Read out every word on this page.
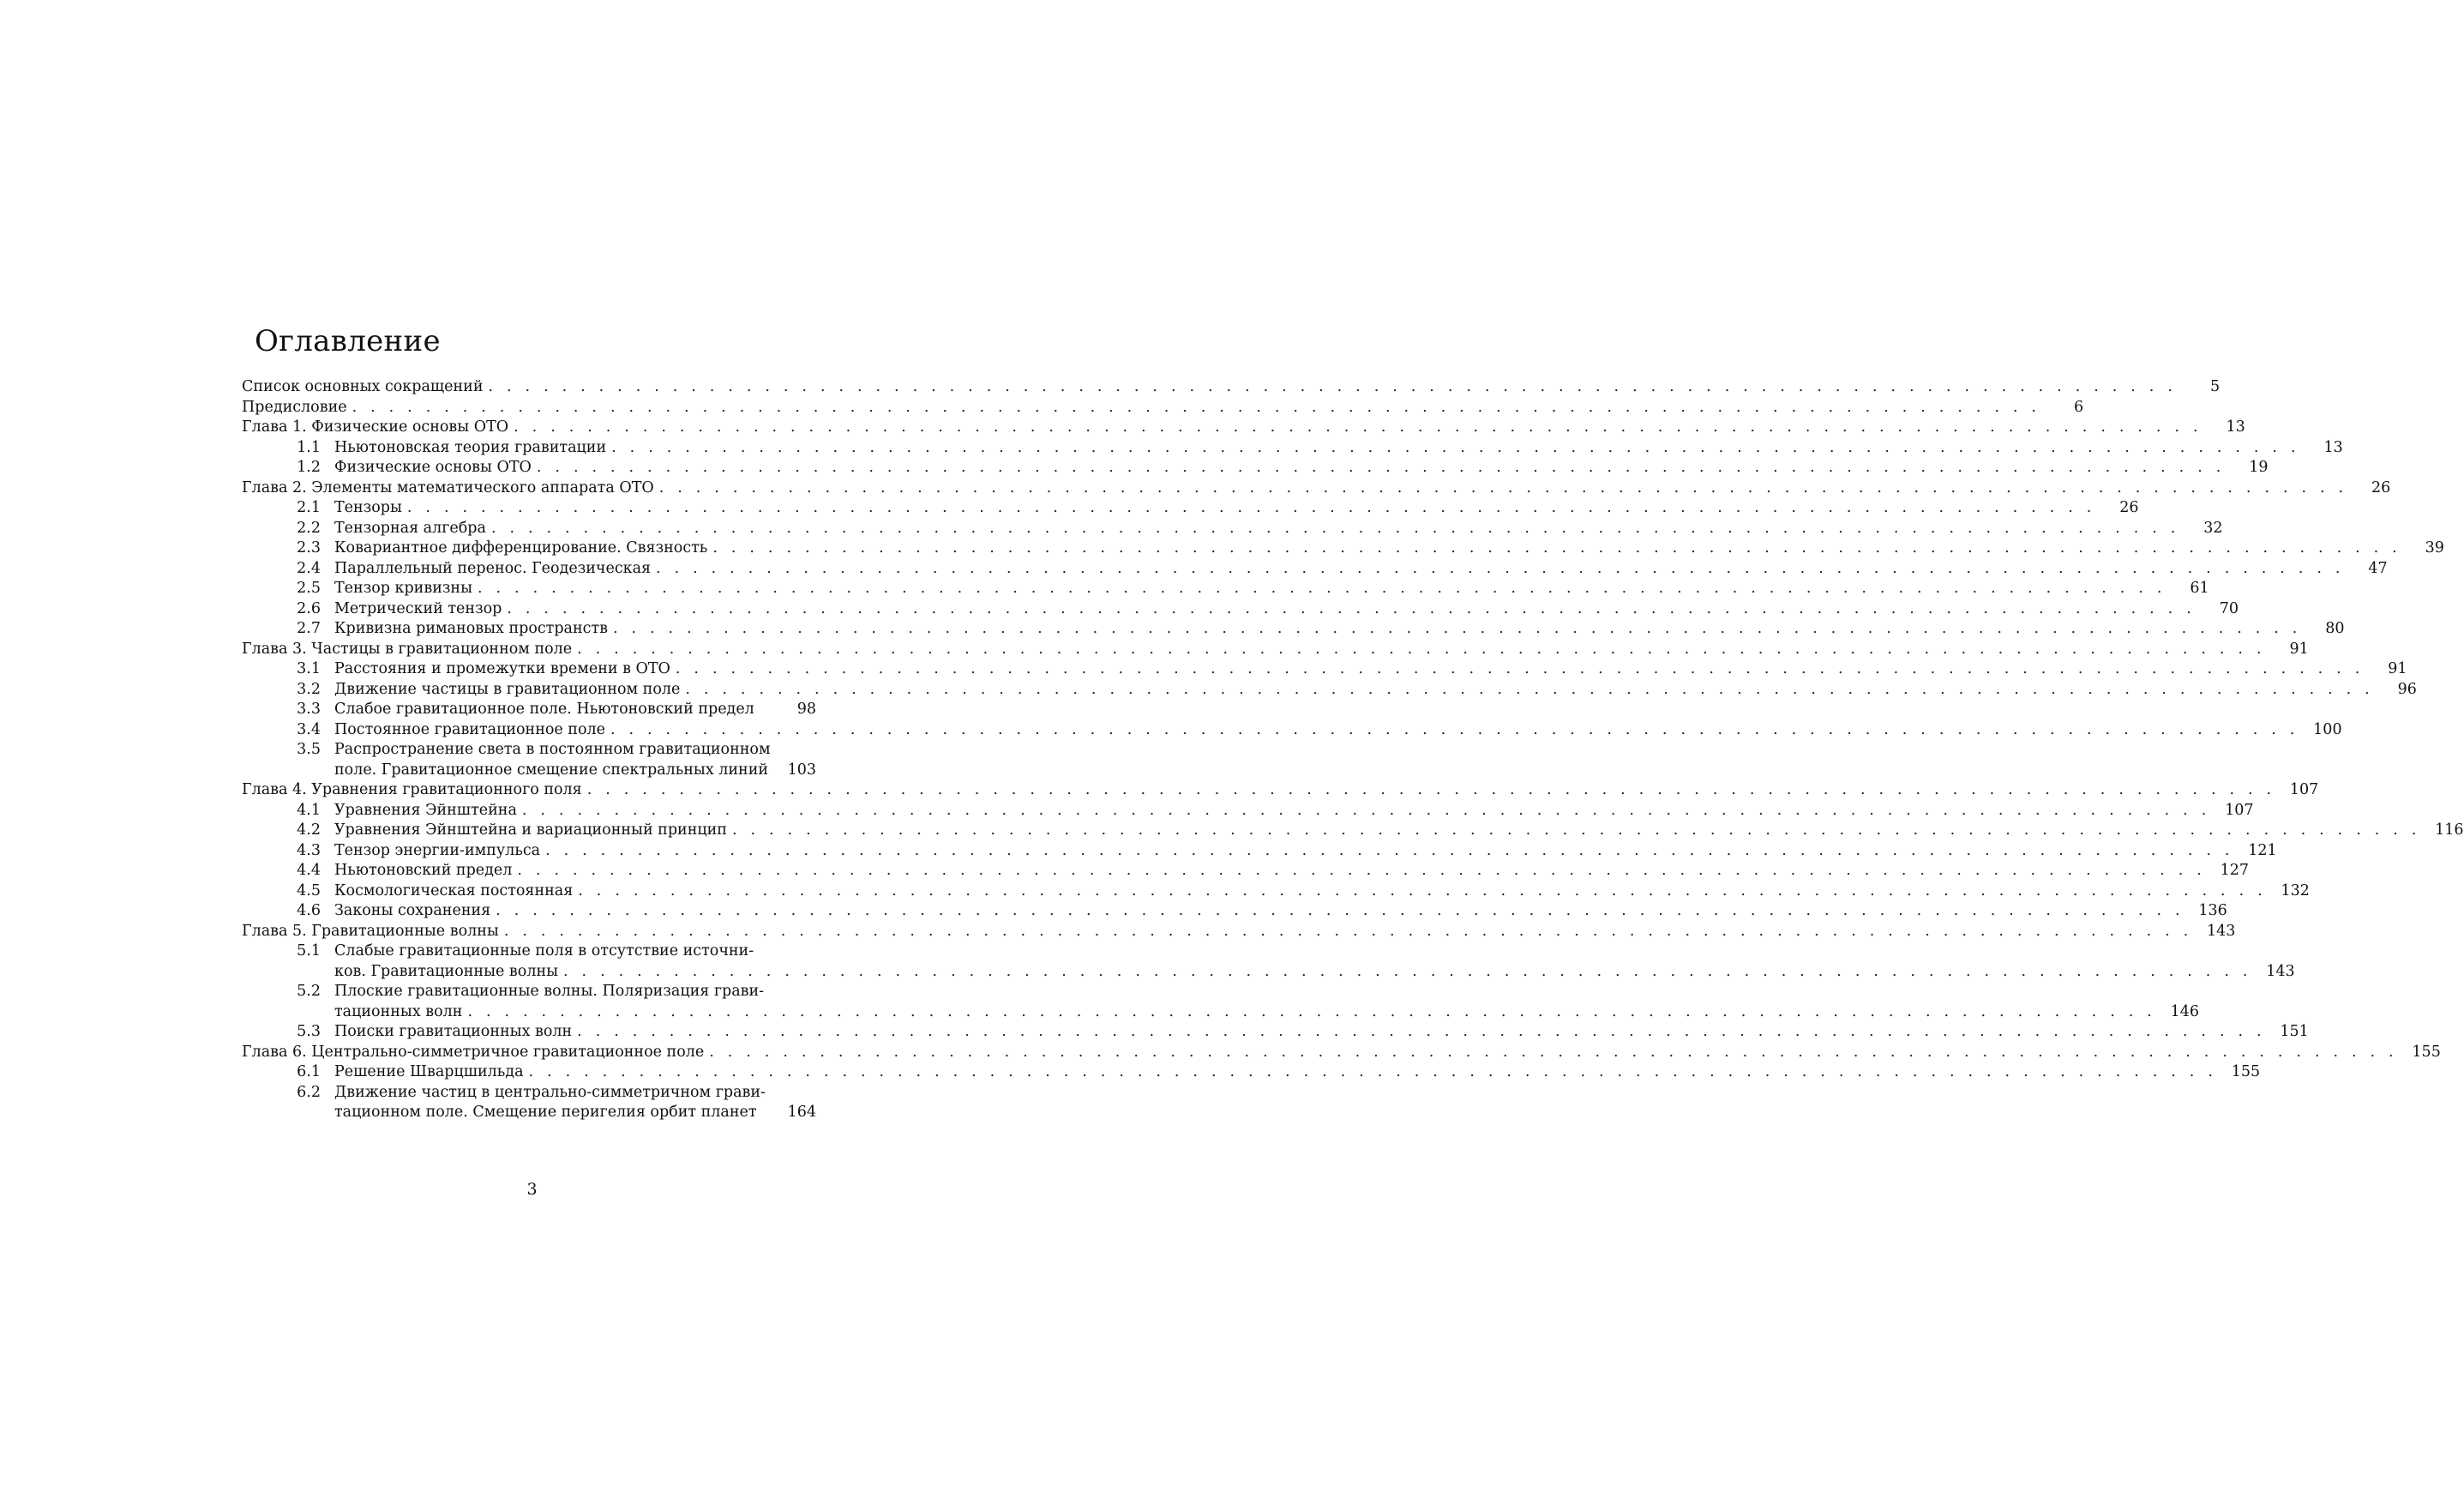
Оглавление
Список основных сокращений . . .	5
Предисловие . . .	6
Глава 1. Физические основы ОТО . . .	13
1.1 Ньютоновская теория гравитации . . .	13
1.2 Физические основы ОТО . . .	19
Глава 2. Элементы математического аппарата ОТО . . .	26
2.1 Тензоры . . .	26
2.2 Тензорная алгебра . . .	32
2.3 Ковариантное дифференцирование. Связность . . .	39
2.4 Параллельный перенос. Геодезическая . . .	47
2.5 Тензор кривизны . . .	61
2.6 Метрический тензор . . .	70
2.7 Кривизна римановых пространств . . .	80
Глава 3. Частицы в гравитационном поле . . .	91
3.1 Расстояния и промежутки времени в ОТО . . .	91
3.2 Движение частицы в гравитационном поле . . .	96
3.3 Слабое гравитационное поле. Ньютоновский предел	98
3.4 Постоянное гравитационное поле . . .	100
3.5 Распространение света в постоянном гравитационном
поле. Гравитационное смещение спектральных линий	103
Глава 4. Уравнения гравитационного поля . . .	107
4.1 Уравнения Эйнштейна . . .	107
4.2 Уравнения Эйнштейна и вариационный принцип . . .	116
4.3 Тензор энергии-импульса . . .	121
4.4 Ньютоновский предел . . .	127
4.5 Космологическая постоянная . . .	132
4.6 Законы сохранения . . .	136
Глава 5. Гравитационные волны . . .	143
5.1 Слабые гравитационные поля в отсутствие источни-
ков. Гравитационные волны . . .	143
5.2 Плоские гравитационные волны. Поляризация грави-
тационных волн . . .	146
5.3 Поиски гравитационных волн . . .	151
Глава 6. Центрально-симметричное гравитационное поле . . .	155
6.1 Решение Шварцшильда . . .	155
6.2 Движение частиц в центрально-симметричном грави-
тационном поле. Смещение перигелия орбит планет	164
3
